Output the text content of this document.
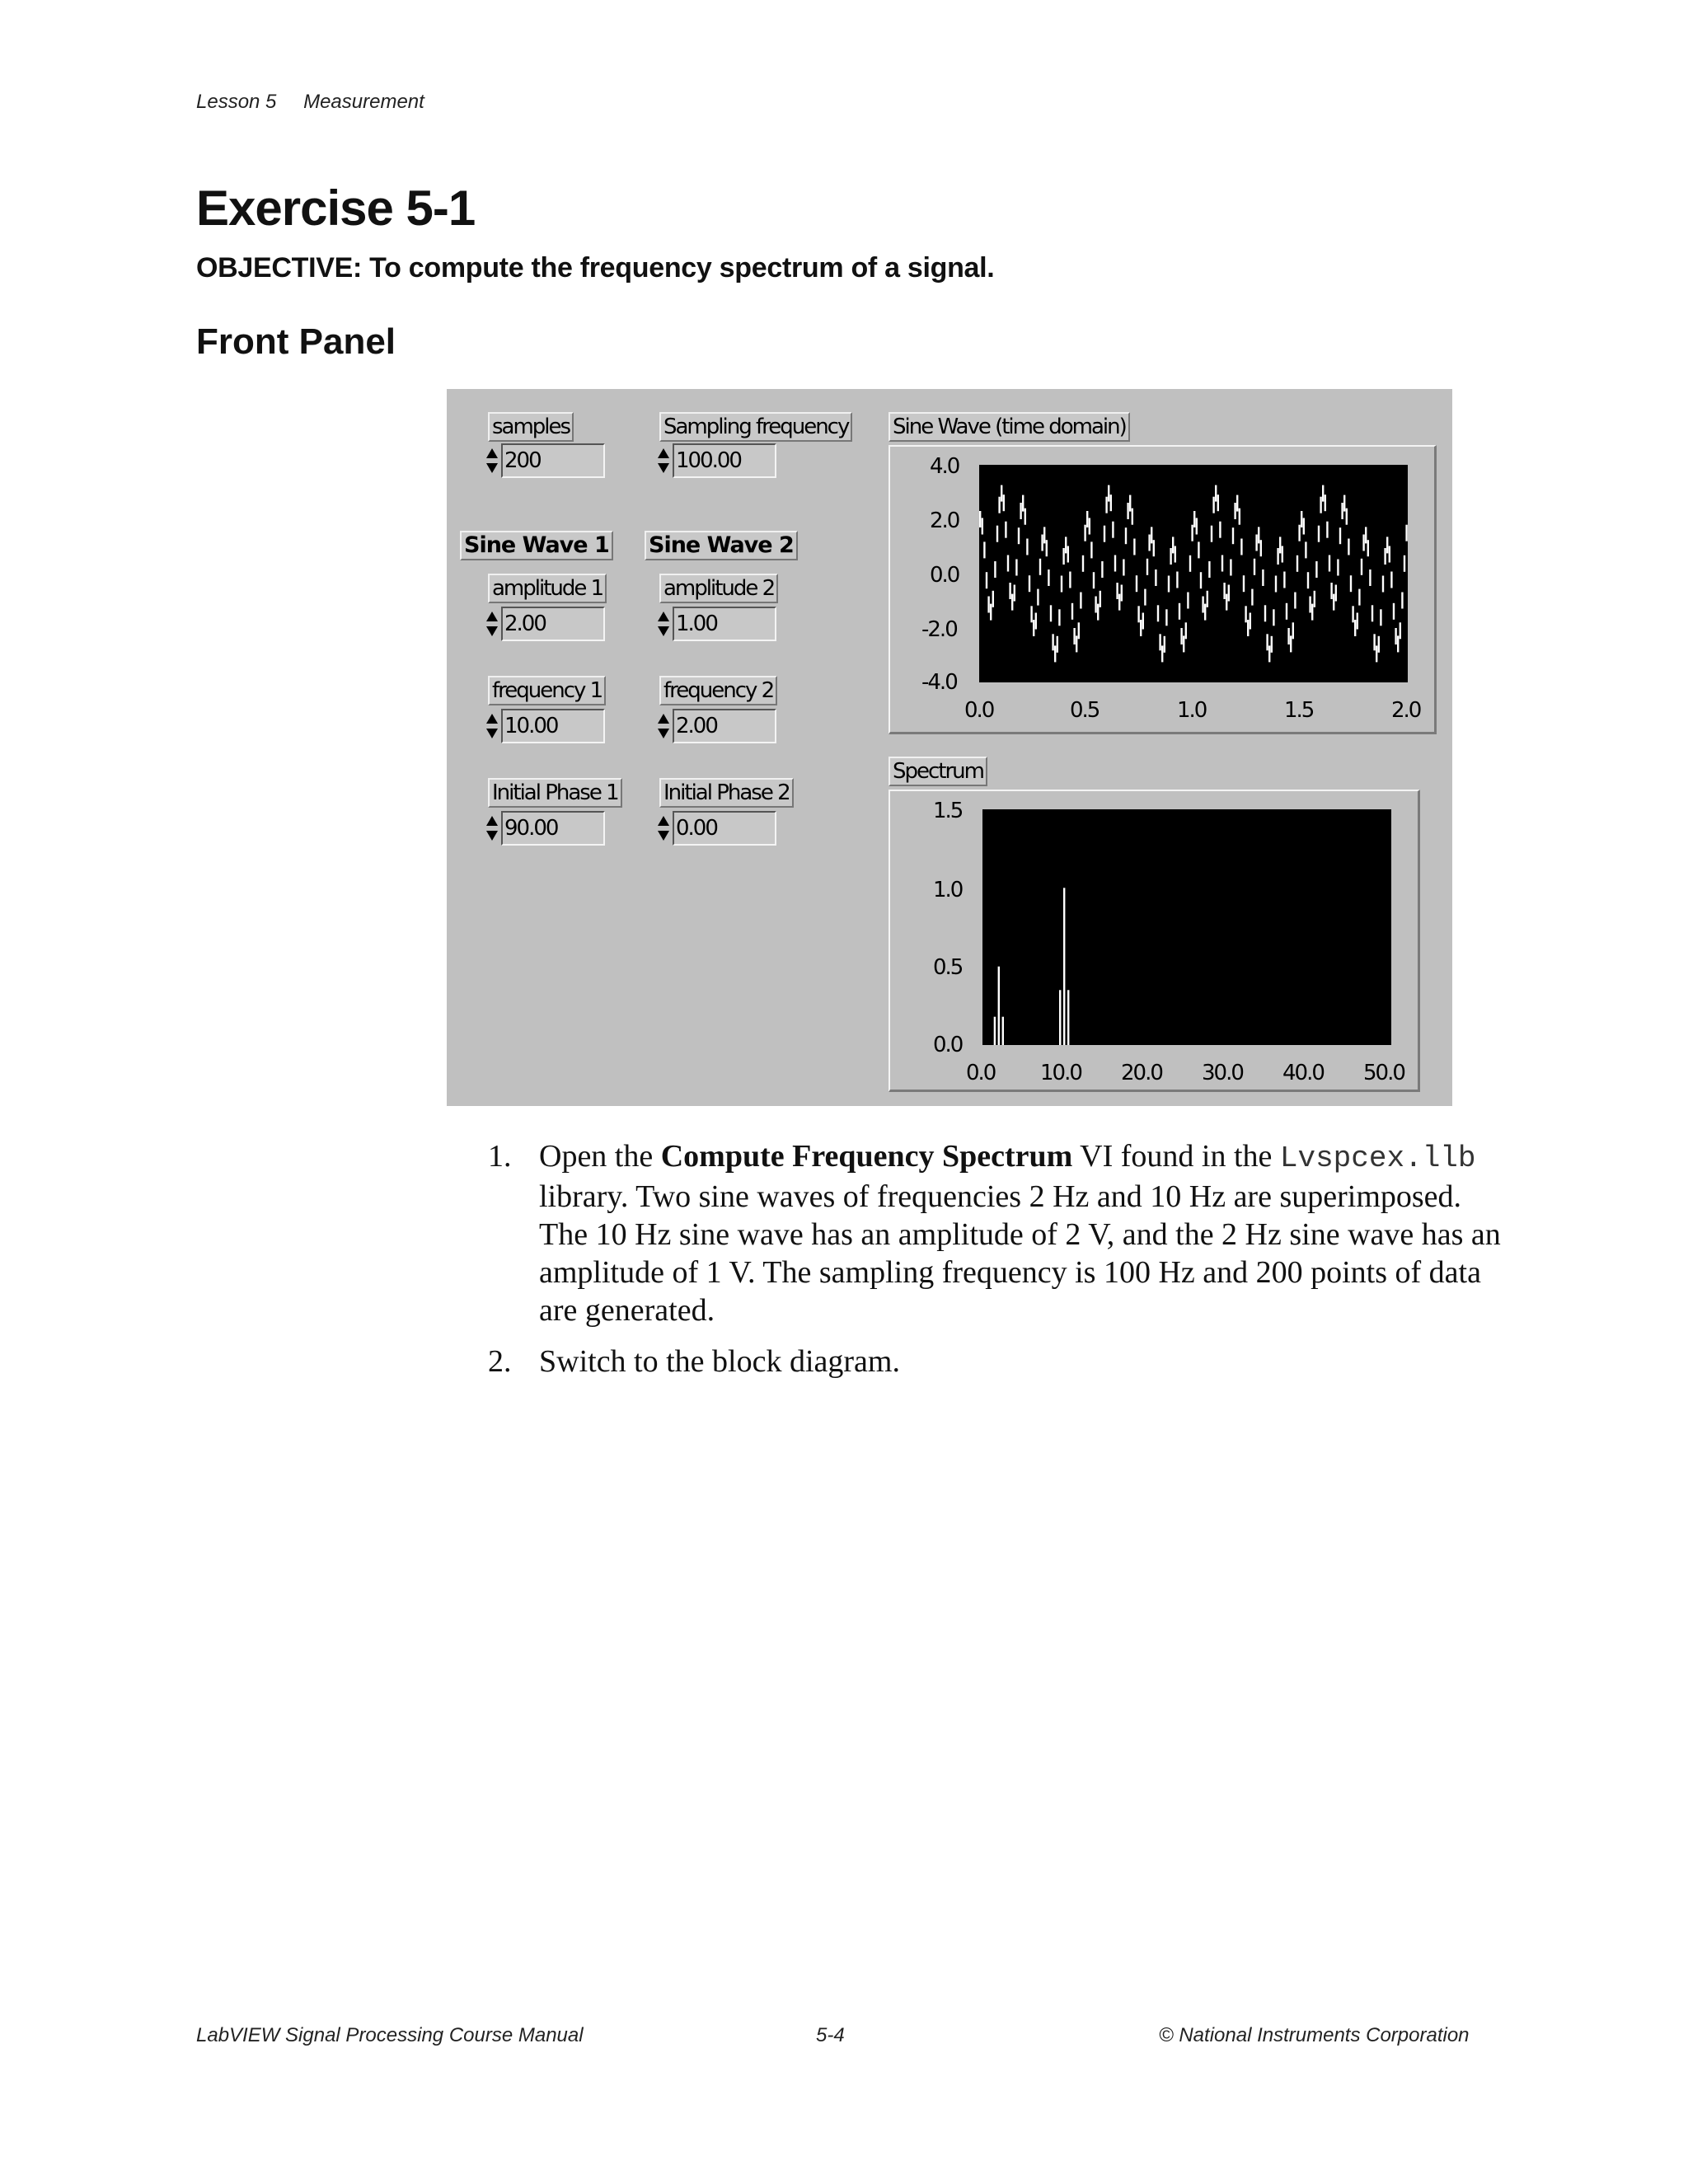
Lesson 5 Measurement
Exercise 5-1
OBJECTIVE: To compute the frequency spectrum of a signal.
Front Panel
samples
200
Sampling frequency
100.00
Sine Wave 1 Sine Wave 2
amplitude 1
2.00
amplitude 2
1.00
frequency 1
10.00
frequency 2
2.00
Initial Phase 1
90.00
Initial Phase 2
0.00
Sine Wave (time domain)
4.0
2.0
0.0
-2.0
-4.0
0.0	0.5	1.0	1.5	2.0
Spectrum
1.5
1.0
0.5
0.0
0.0 10.0 20.0 30.0 40.0 50.0
1. Open the Compute Frequency Spectrum VI found in the Lvspcex.llb library. Two sine waves of frequencies 2 Hz and 10 Hz are superimposed. The 10 Hz sine wave has an amplitude of 2 V, and the 2 Hz sine wave has an amplitude of 1 V. The sampling frequency is 100 Hz and 200 points of data are generated.
2. Switch to the block diagram.
LabVIEW Signal Processing Course Manual	5-4	© National Instruments Corporation
